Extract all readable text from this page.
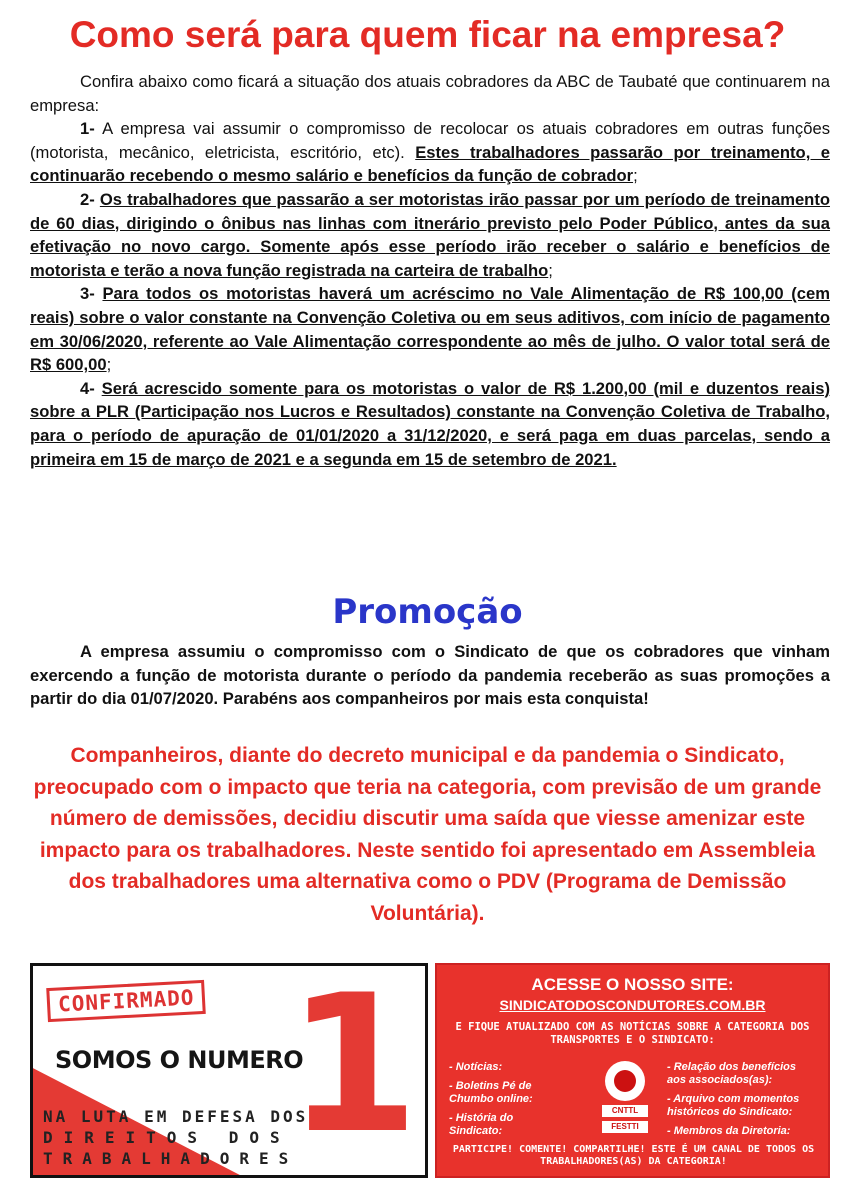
Como será para quem ficar na empresa?

Confira abaixo como ficará a situação dos atuais cobradores da ABC de Taubaté que continuarem na empresa:

1- A empresa vai assumir o compromisso de recolocar os atuais cobradores em outras funções (motorista, mecânico, eletricista, escritório, etc). Estes trabalhadores passarão por treinamento, e continuarão recebendo o mesmo salário e benefícios da função de cobrador;

2- Os trabalhadores que passarão a ser motoristas irão passar por um período de treinamento de 60 dias, dirigindo o ônibus nas linhas com itnerário previsto pelo Poder Público, antes da sua efetivação no novo cargo. Somente após esse período irão receber o salário e benefícios de motorista e terão a nova função registrada na carteira de trabalho;

3- Para todos os motoristas haverá um acréscimo no Vale Alimentação de R$ 100,00 (cem reais) sobre o valor constante na Convenção Coletiva ou em seus aditivos, com início de pagamento em 30/06/2020, referente ao Vale Alimentação correspondente ao mês de julho. O valor total será de R$ 600,00;

4- Será acrescido somente para os motoristas o valor de R$ 1.200,00 (mil e duzentos reais) sobre a PLR (Participação nos Lucros e Resultados) constante na Convenção Coletiva de Trabalho, para o período de apuração de 01/01/2020 a 31/12/2020, e será paga em duas parcelas, sendo a primeira em 15 de março de 2021 e a segunda em 15 de setembro de 2021.

Promoção

A empresa assumiu o compromisso com o Sindicato de que os cobradores que vinham exercendo a função de motorista durante o período da pandemia receberão as suas promoções a partir do dia 01/07/2020. Parabéns aos companheiros por mais esta conquista!

Companheiros, diante do decreto municipal e da pandemia o Sindicato, preocupado com o impacto que teria na categoria, com previsão de um grande número de demissões, decidiu discutir uma saída que viesse amenizar este impacto para os trabalhadores. Neste sentido foi apresentado em Assembleia dos trabalhadores uma alternativa como o PDV (Programa de Demissão Voluntária).
1
CONFIRMADO
SOMOS O NUMERO
NA LUTA EM DEFESA DOS
DIREITOS DOS
TRABALHADORES
ACESSE O NOSSO SITE:
SINDICATODOSCONDUTORES.COM.BR
E FIQUE ATUALIZADO COM AS NOTÍCIAS SOBRE A CATEGORIA DOS TRANSPORTES E O SINDICATO:
- Notícias:
- Boletins Pé de Chumbo online:
- História do Sindicato:
CNTTL
FESTTI
- Relação dos benefícios aos associados(as):
- Arquivo com momentos históricos do Sindicato:
- Membros da Diretoria:
PARTICIPE! COMENTE! COMPARTILHE! ESTE É UM CANAL DE TODOS OS TRABALHADORES(AS) DA CATEGORIA!
